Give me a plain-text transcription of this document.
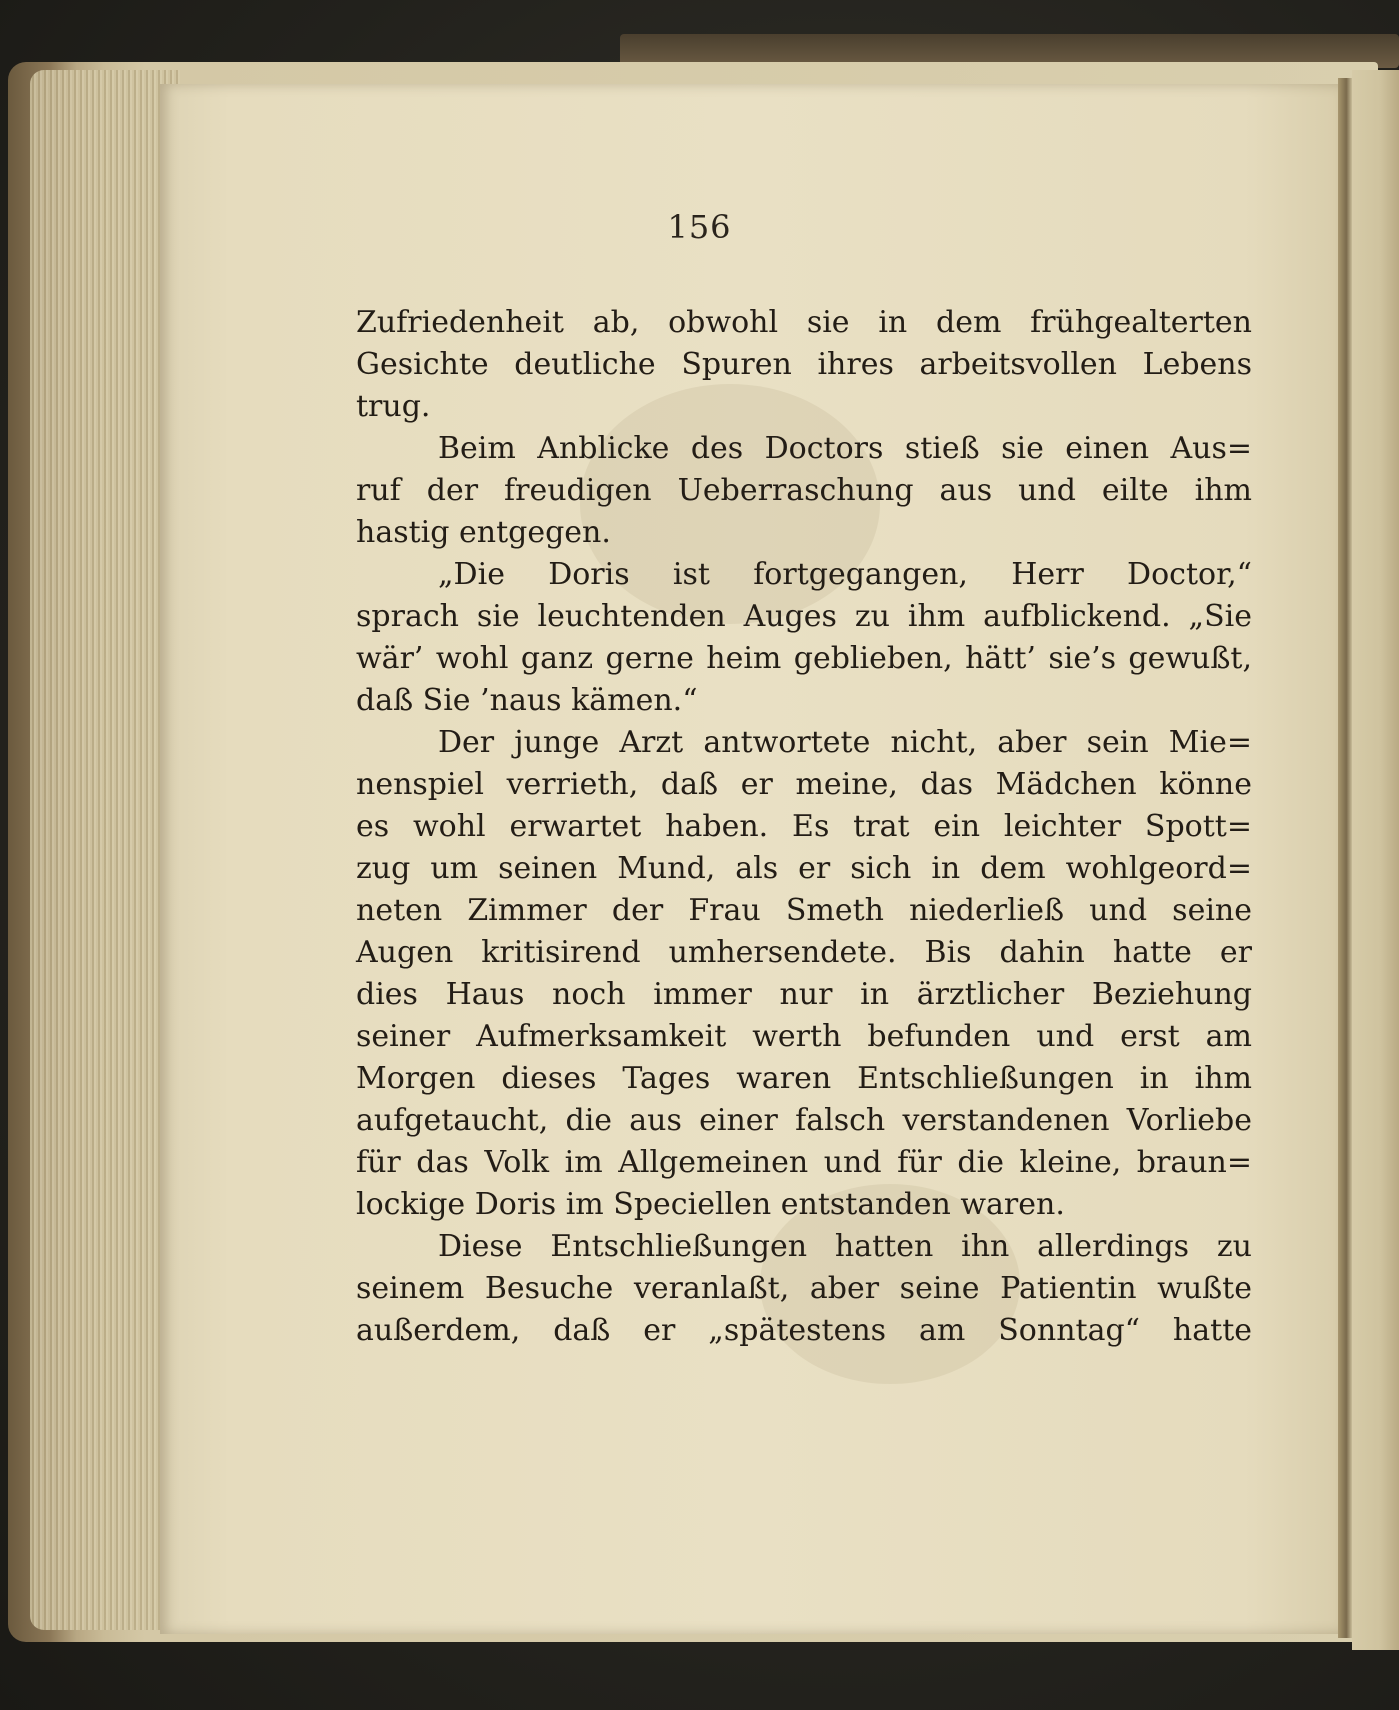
156
Zufriedenheit ab, obwohl sie in dem frühgealterten
Gesichte deutliche Spuren ihres arbeitsvollen Lebens
trug.
Beim Anblicke des Doctors stieß sie einen Aus=
ruf der freudigen Ueberraschung aus und eilte ihm
hastig entgegen.
„Die Doris ist fortgegangen, Herr Doctor,“
sprach sie leuchtenden Auges zu ihm aufblickend. „Sie
wär’ wohl ganz gerne heim geblieben, hätt’ sie’s gewußt,
daß Sie ’naus kämen.“
Der junge Arzt antwortete nicht, aber sein Mie=
nenspiel verrieth, daß er meine, das Mädchen könne
es wohl erwartet haben. Es trat ein leichter Spott=
zug um seinen Mund, als er sich in dem wohlgeord=
neten Zimmer der Frau Smeth niederließ und seine
Augen kritisirend umhersendete. Bis dahin hatte er
dies Haus noch immer nur in ärztlicher Beziehung
seiner Aufmerksamkeit werth befunden und erst am
Morgen dieses Tages waren Entschließungen in ihm
aufgetaucht, die aus einer falsch verstandenen Vorliebe
für das Volk im Allgemeinen und für die kleine, braun=
lockige Doris im Speciellen entstanden waren.
Diese Entschließungen hatten ihn allerdings zu
seinem Besuche veranlaßt, aber seine Patientin wußte
außerdem, daß er „spätestens am Sonntag“ hatte
